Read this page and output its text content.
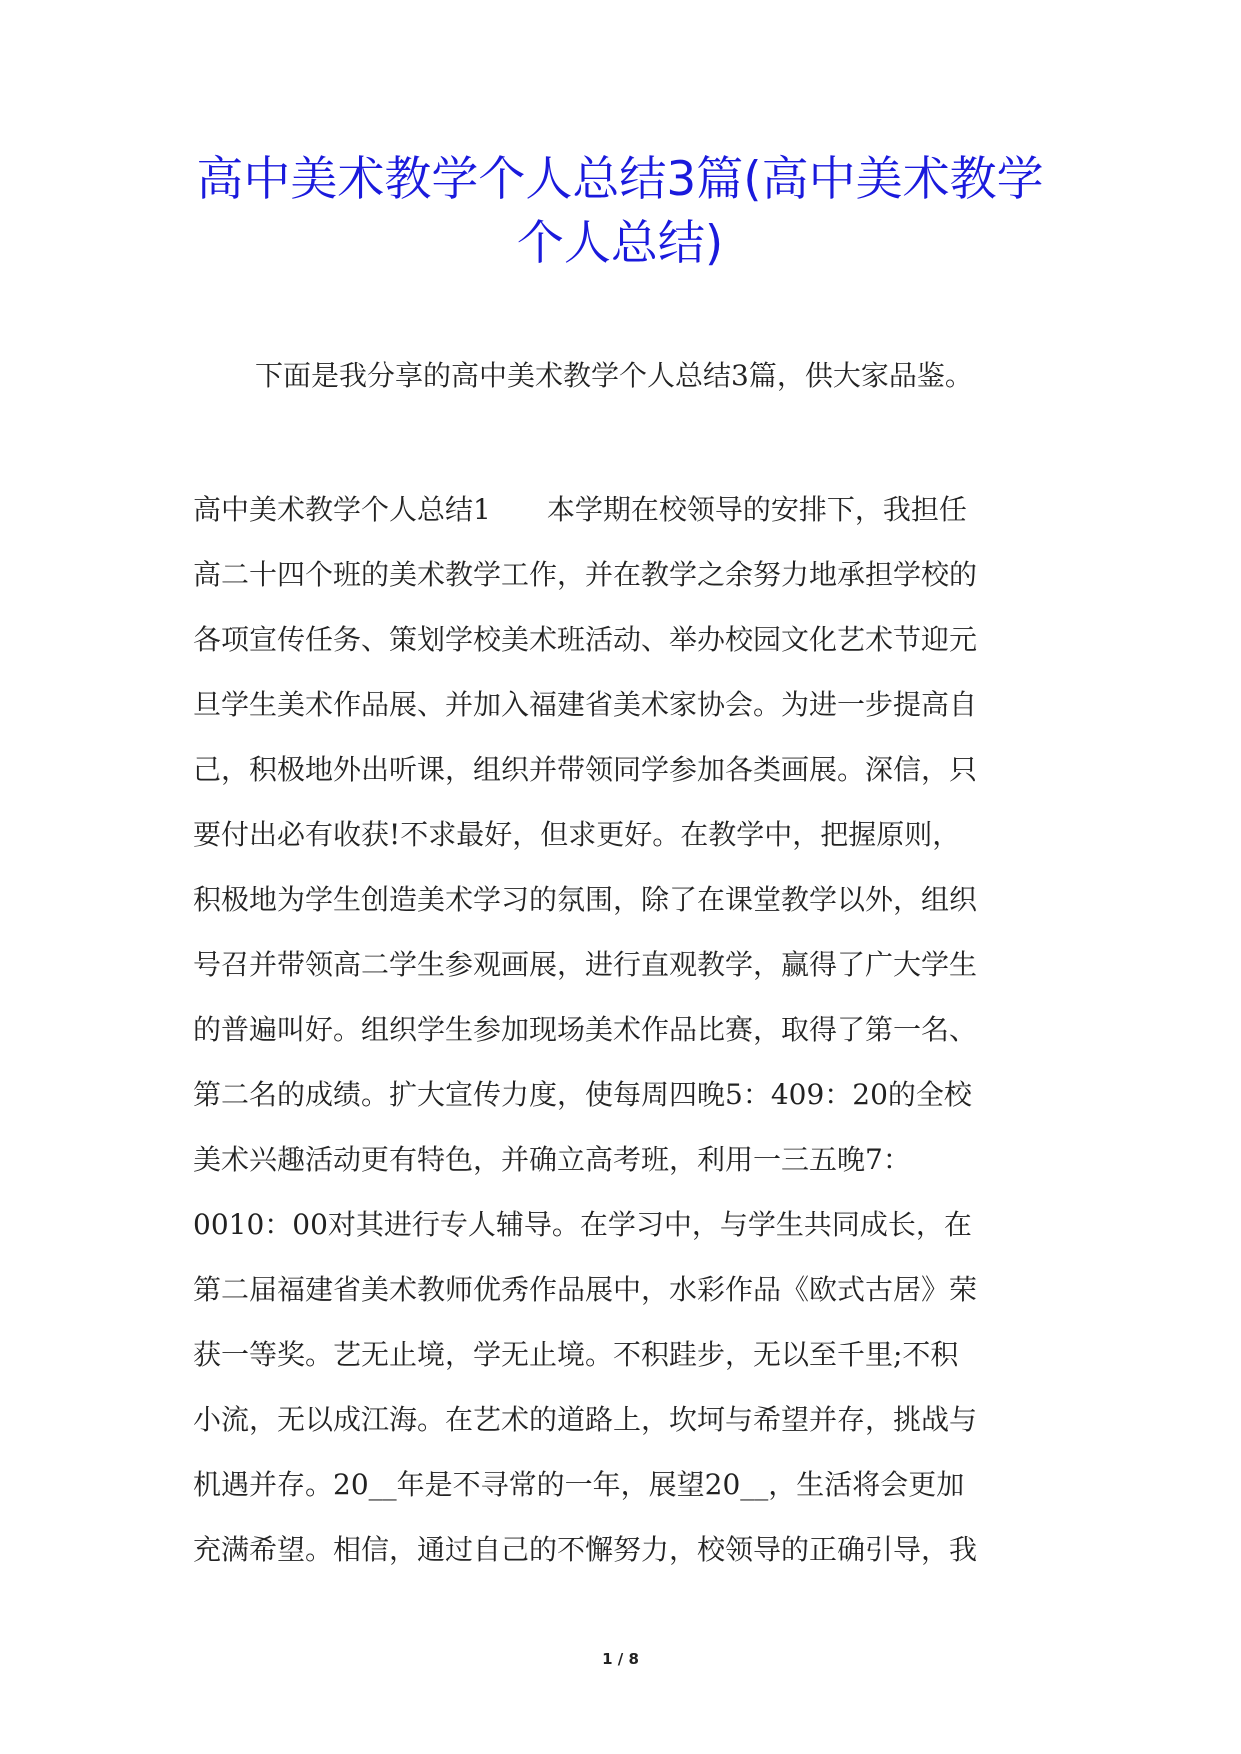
高中美术教学个人总结3篇(高中美术教学
个人总结)
下面是我分享的高中美术教学个人总结3篇，供大家品鉴。
高中美术教学个人总结1　　本学期在校领导的安排下，我担任
高二十四个班的美术教学工作，并在教学之余努力地承担学校的
各项宣传任务、策划学校美术班活动、举办校园文化艺术节迎元
旦学生美术作品展、并加入福建省美术家协会。为进一步提高自
己，积极地外出听课，组织并带领同学参加各类画展。深信，只
要付出必有收获!不求最好，但求更好。在教学中，把握原则，
积极地为学生创造美术学习的氛围，除了在课堂教学以外，组织
号召并带领高二学生参观画展，进行直观教学，赢得了广大学生
的普遍叫好。组织学生参加现场美术作品比赛，取得了第一名、
第二名的成绩。扩大宣传力度，使每周四晚5：409：20的全校
美术兴趣活动更有特色，并确立高考班，利用一三五晚7：
0010：00对其进行专人辅导。在学习中，与学生共同成长，在
第二届福建省美术教师优秀作品展中，水彩作品《欧式古居》荣
获一等奖。艺无止境，学无止境。不积跬步，无以至千里;不积
小流，无以成江海。在艺术的道路上，坎坷与希望并存，挑战与
机遇并存。20__年是不寻常的一年，展望20__，生活将会更加
充满希望。相信，通过自己的不懈努力，校领导的正确引导，我
1 / 8
